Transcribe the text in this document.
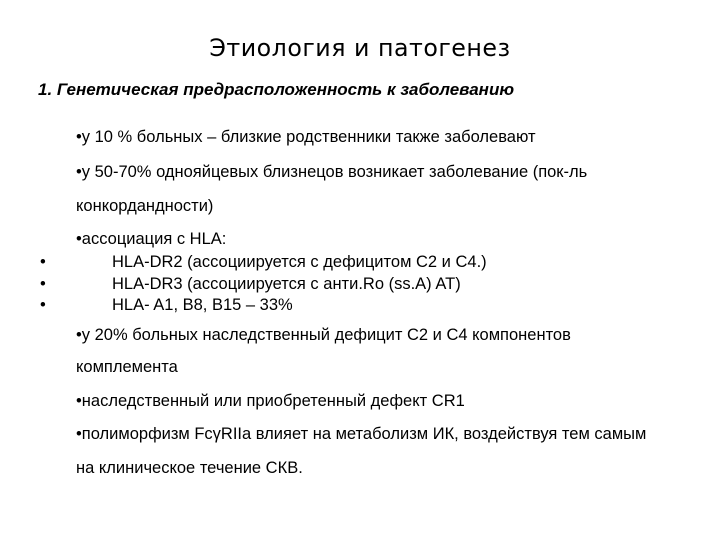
Этиология и патогенез
1. Генетическая предрасположенность к заболеванию
•у 10 % больных – близкие родственники также заболевают
•у 50-70% однояйцевых близнецов возникает заболевание (пок-ль
конкордандности)
•ассоциация с HLA:
•	HLA-DR2 (ассоциируется с дефицитом С2 и С4.)
•	HLA-DR3 (ассоциируется с анти.Ro (ss.A) AT)
•	HLA- A1, B8, B15 – 33%
•у 20% больных наследственный дефицит С2 и С4 компонентов
комплемента
•наследственный или приобретенный дефект CR1
•полиморфизм FcγRIIa влияет на метаболизм ИК, воздействуя тем самым
на клиническое течение СКВ.
